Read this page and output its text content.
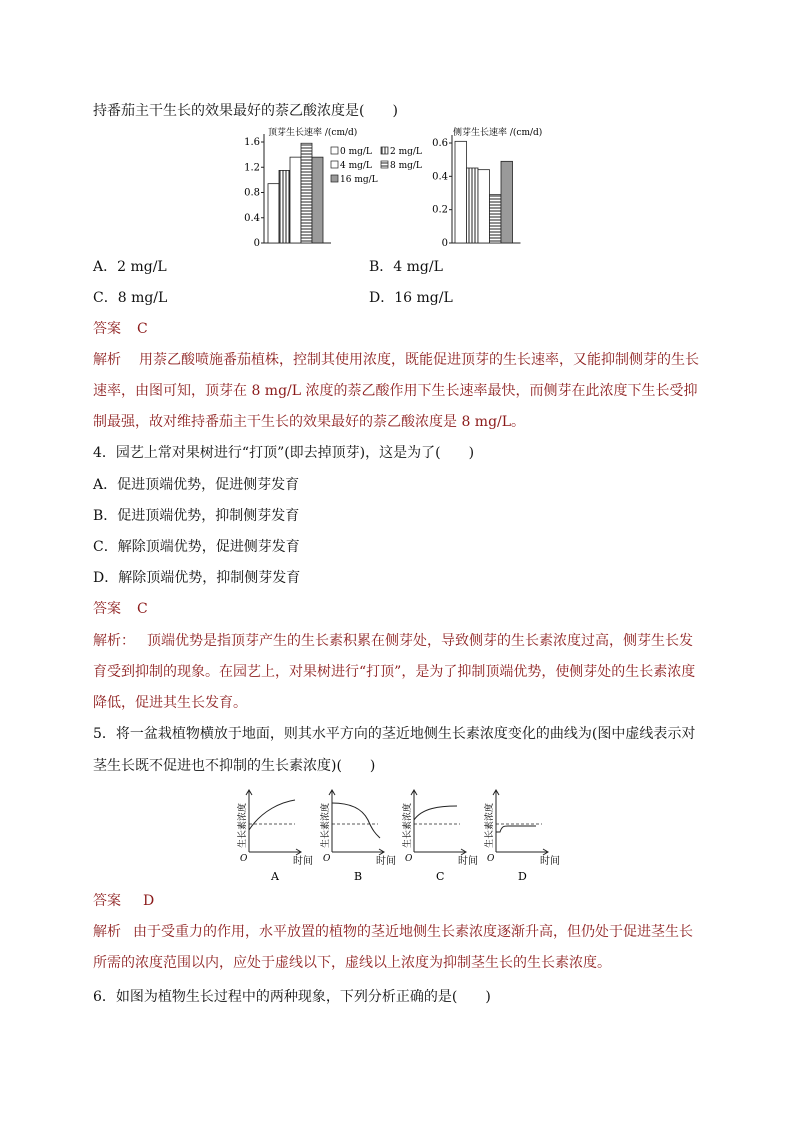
持番茄主干生长的效果最好的萘乙酸浓度是(　　)
顶芽生长速率 /(cm/d)
0
0.4
0.8
1.2
1.6
0 mg/L 2 mg/L
4 mg/L 8 mg/L
16 mg/L
侧芽生长速率 /(cm/d)
0
0.2
0.4
0.6
A．2 mg/L	B．4 mg/L
C．8 mg/L	D．16 mg/L
答案 C
解析 用萘乙酸喷施番茄植株，控制其使用浓度，既能促进顶芽的生长速率，又能抑制侧芽的生长速率，由图可知，顶芽在 8 mg/L 浓度的萘乙酸作用下生长速率最快，而侧芽在此浓度下生长受抑制最强，故对维持番茄主干生长的效果最好的萘乙酸浓度是 8 mg/L。
4．园艺上常对果树进行“打顶”(即去掉顶芽)，这是为了(　　)
A．促进顶端优势，促进侧芽发育
B．促进顶端优势，抑制侧芽发育
C．解除顶端优势，促进侧芽发育
D．解除顶端优势，抑制侧芽发育
答案 C
解析： 顶端优势是指顶芽产生的生长素积累在侧芽处，导致侧芽的生长素浓度过高，侧芽生长发育受到抑制的现象。在园艺上，对果树进行“打顶”，是为了抑制顶端优势，使侧芽处的生长素浓度降低，促进其生长发育。
5．将一盆栽植物横放于地面，则其水平方向的茎近地侧生长素浓度变化的曲线为(图中虚线表示对
茎生长既不促进也不抑制的生长素浓度)(　　)
生长素浓度
O	时间
A
生长素浓度
O	时间
B
生长素浓度
O	时间
C
生长素浓度
O	时间
D
答案 D
解析 由于受重力的作用，水平放置的植物的茎近地侧生长素浓度逐渐升高，但仍处于促进茎生长所需的浓度范围以内，应处于虚线以下，虚线以上浓度为抑制茎生长的生长素浓度。
6．如图为植物生长过程中的两种现象，下列分析正确的是(　　)
